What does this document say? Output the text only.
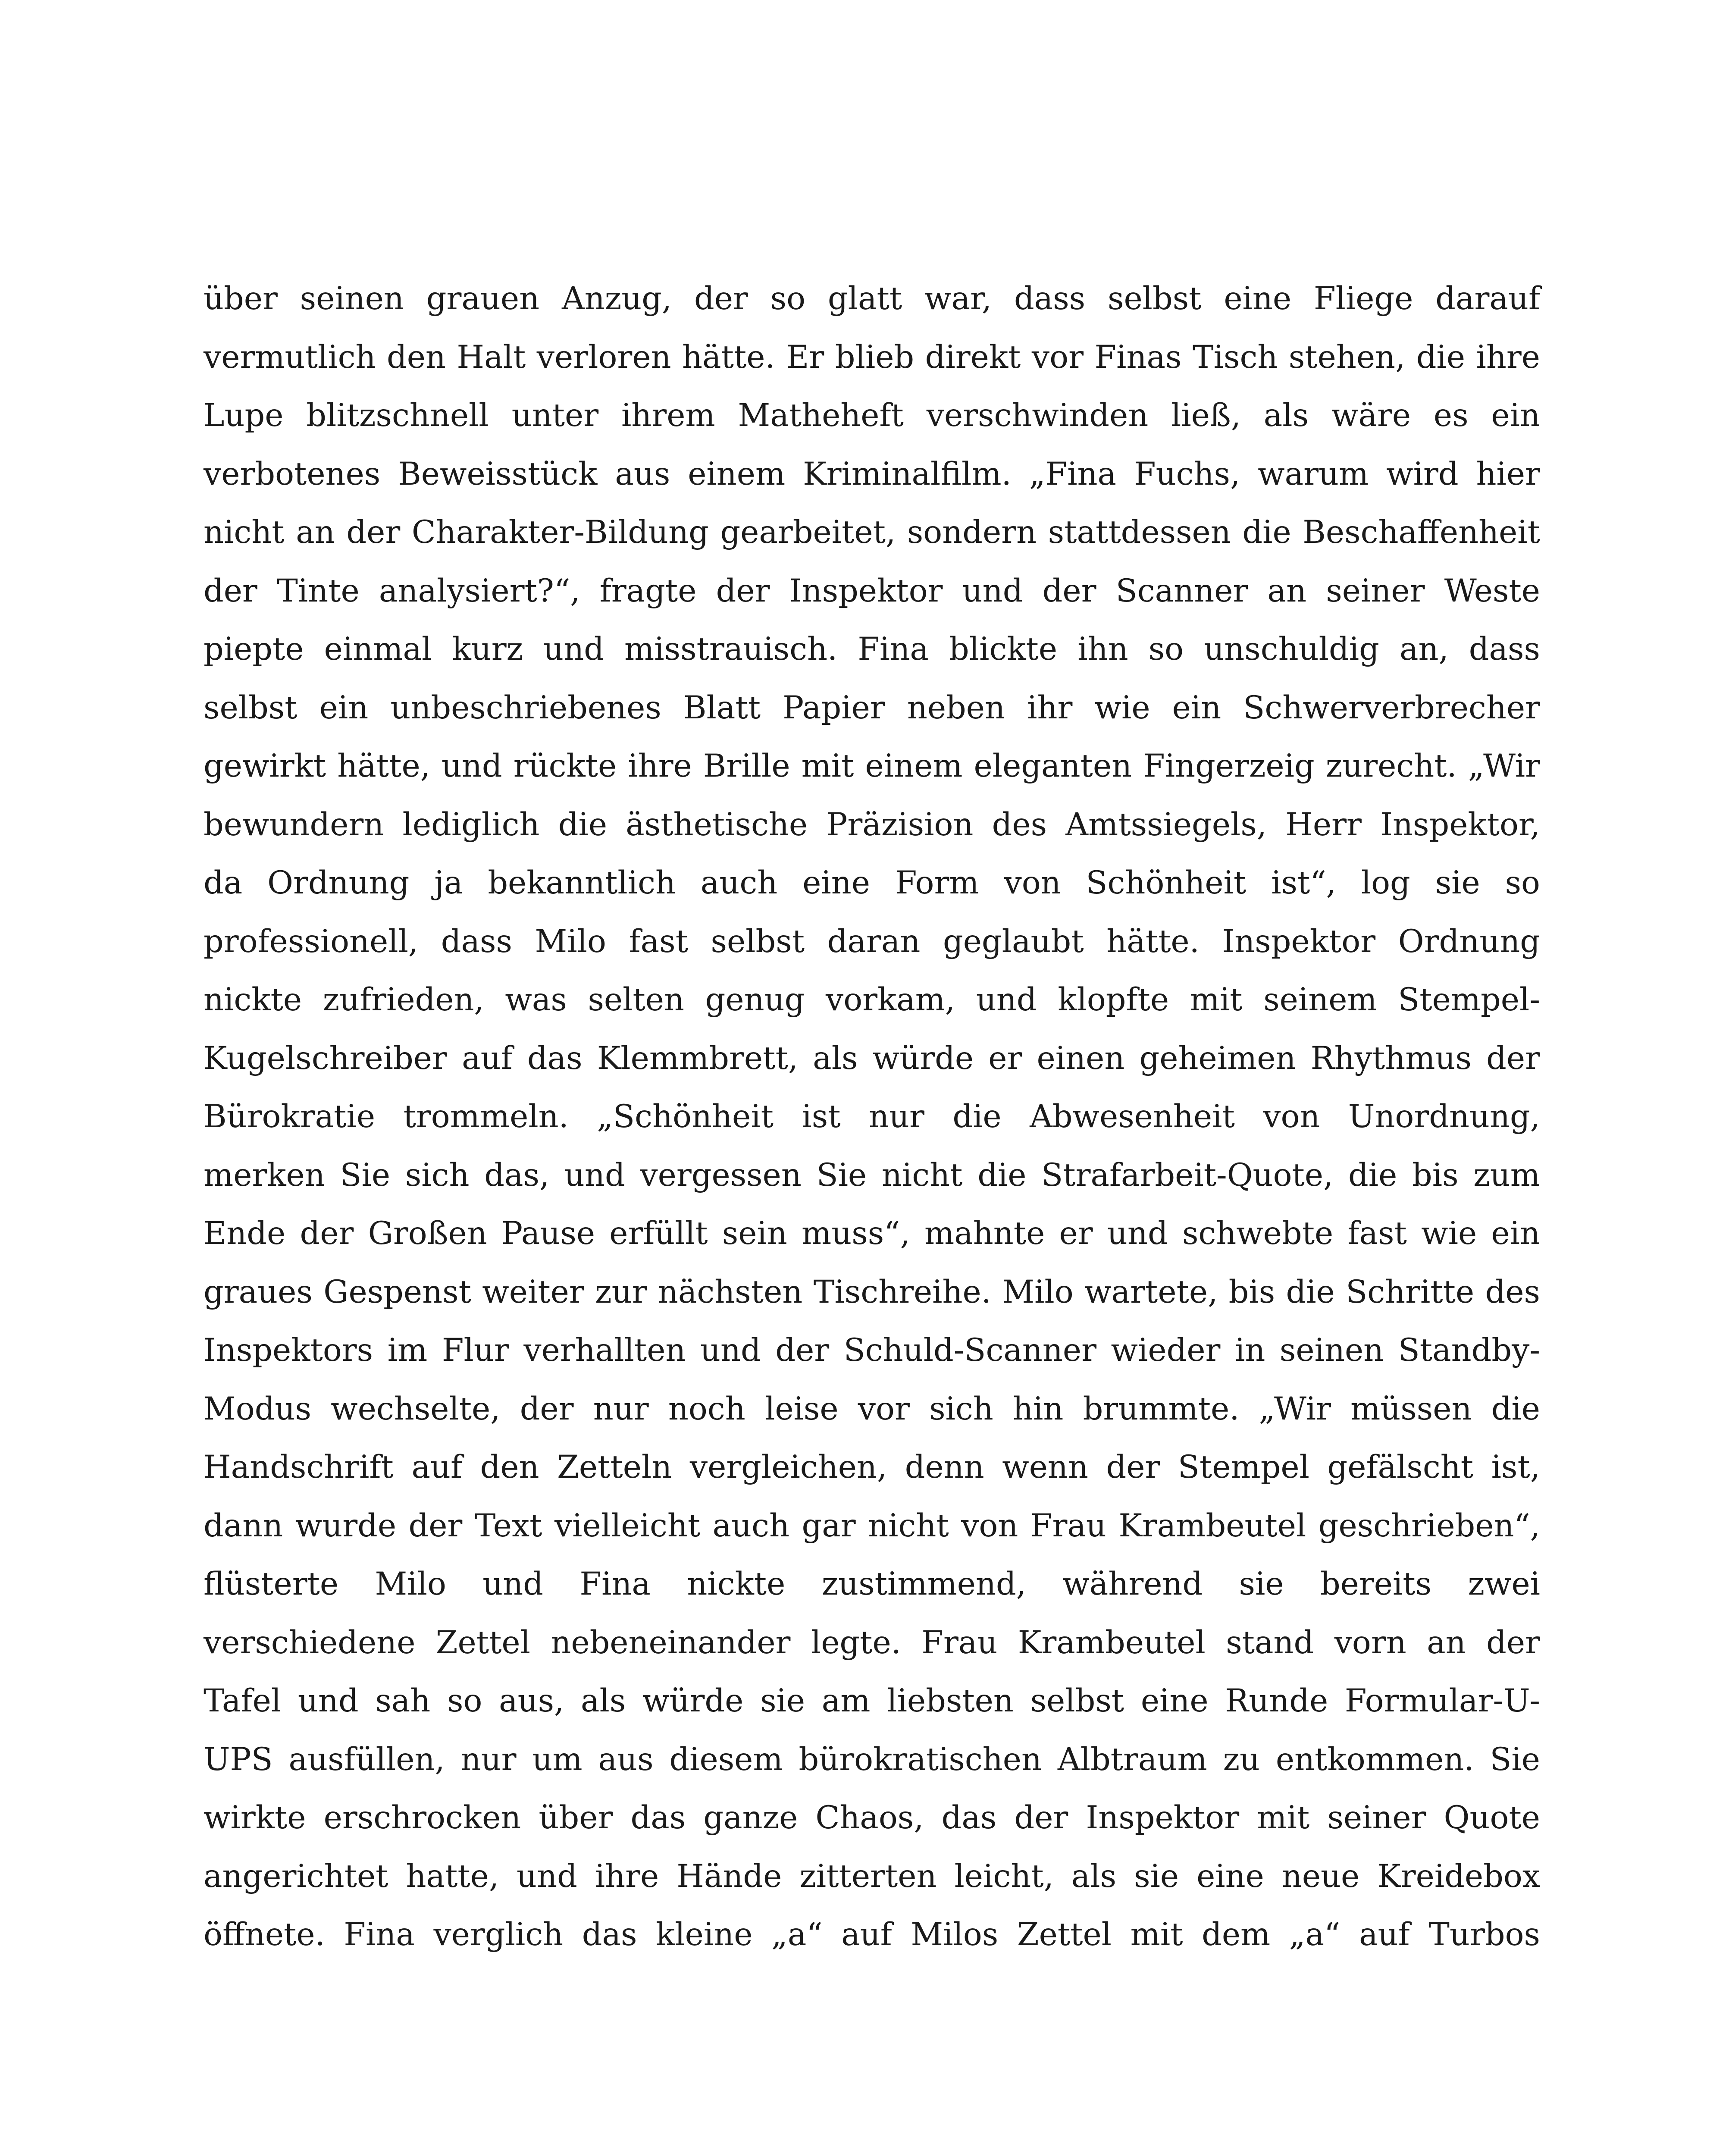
über seinen grauen Anzug, der so glatt war, dass selbst eine Fliege darauf
vermutlich den Halt verloren hätte. Er blieb direkt vor Finas Tisch stehen, die ihre
Lupe blitzschnell unter ihrem Matheheft verschwinden ließ, als wäre es ein
verbotenes Beweisstück aus einem Kriminalfilm. „Fina Fuchs, warum wird hier
nicht an der Charakter-Bildung gearbeitet, sondern stattdessen die Beschaffenheit
der Tinte analysiert?“, fragte der Inspektor und der Scanner an seiner Weste
piepte einmal kurz und misstrauisch. Fina blickte ihn so unschuldig an, dass
selbst ein unbeschriebenes Blatt Papier neben ihr wie ein Schwerverbrecher
gewirkt hätte, und rückte ihre Brille mit einem eleganten Fingerzeig zurecht. „Wir
bewundern lediglich die ästhetische Präzision des Amtssiegels, Herr Inspektor,
da Ordnung ja bekanntlich auch eine Form von Schönheit ist“, log sie so
professionell, dass Milo fast selbst daran geglaubt hätte. Inspektor Ordnung
nickte zufrieden, was selten genug vorkam, und klopfte mit seinem Stempel-
Kugelschreiber auf das Klemmbrett, als würde er einen geheimen Rhythmus der
Bürokratie trommeln. „Schönheit ist nur die Abwesenheit von Unordnung,
merken Sie sich das, und vergessen Sie nicht die Strafarbeit-Quote, die bis zum
Ende der Großen Pause erfüllt sein muss“, mahnte er und schwebte fast wie ein
graues Gespenst weiter zur nächsten Tischreihe. Milo wartete, bis die Schritte des
Inspektors im Flur verhallten und der Schuld-Scanner wieder in seinen Standby-
Modus wechselte, der nur noch leise vor sich hin brummte. „Wir müssen die
Handschrift auf den Zetteln vergleichen, denn wenn der Stempel gefälscht ist,
dann wurde der Text vielleicht auch gar nicht von Frau Krambeutel geschrieben“,
flüsterte Milo und Fina nickte zustimmend, während sie bereits zwei
verschiedene Zettel nebeneinander legte. Frau Krambeutel stand vorn an der
Tafel und sah so aus, als würde sie am liebsten selbst eine Runde Formular-U-
UPS ausfüllen, nur um aus diesem bürokratischen Albtraum zu entkommen. Sie
wirkte erschrocken über das ganze Chaos, das der Inspektor mit seiner Quote
angerichtet hatte, und ihre Hände zitterten leicht, als sie eine neue Kreidebox
öffnete. Fina verglich das kleine „a“ auf Milos Zettel mit dem „a“ auf Turbos
